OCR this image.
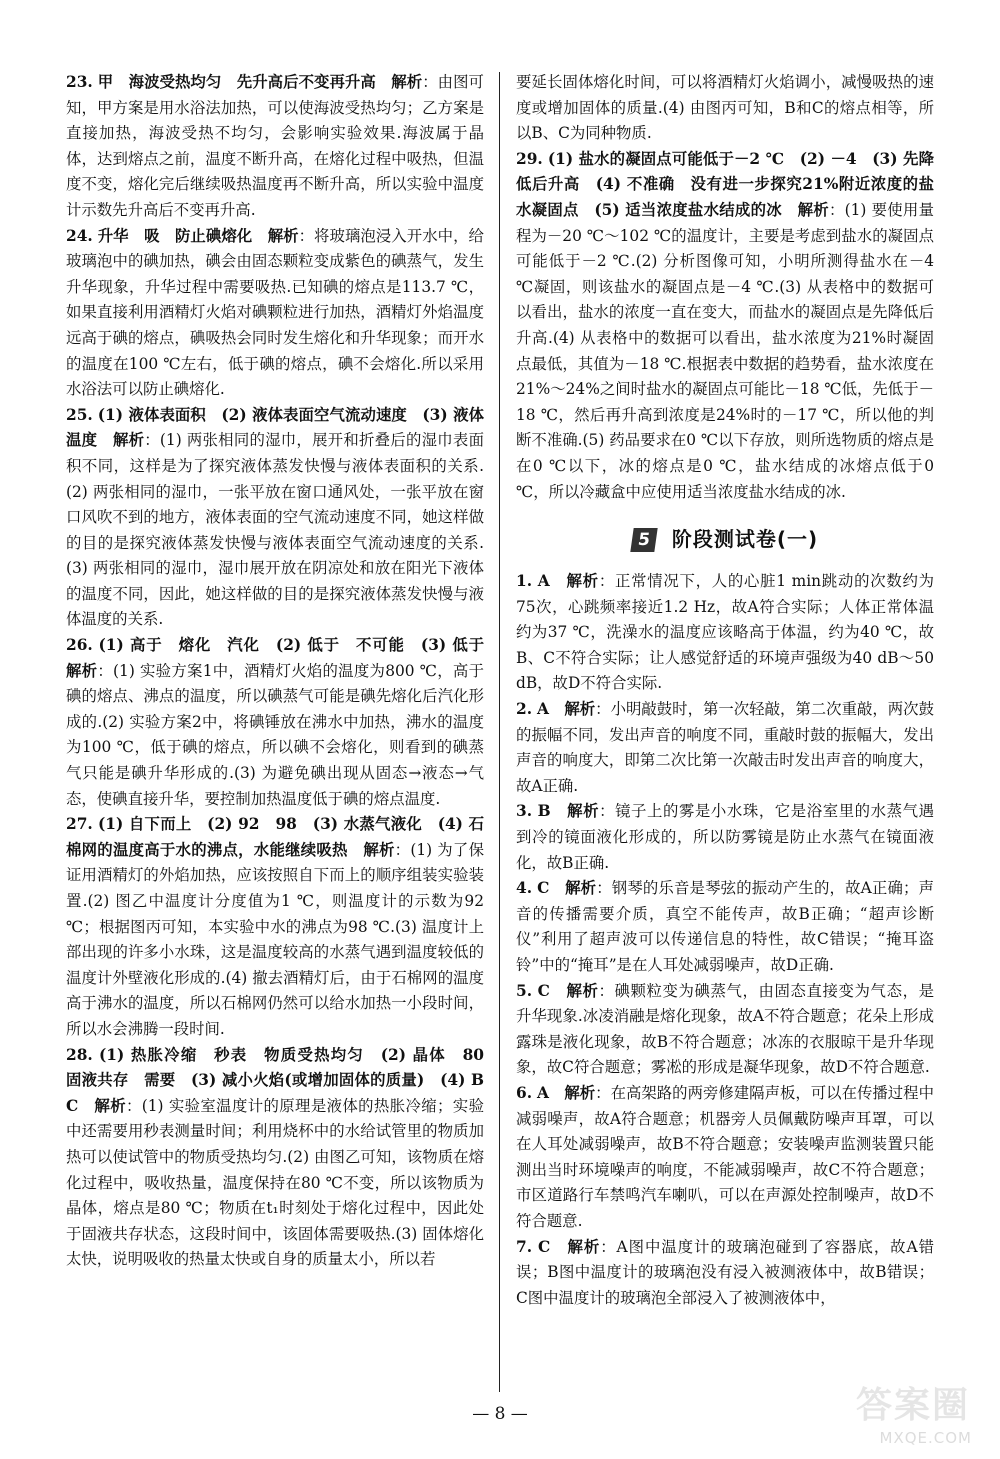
23. 甲　海波受热均匀　先升高后不变再升高　 解析：由图可知，甲方案是用水浴法加热，可以使海波受热均匀；乙方案是直接加热，海波受热不均匀，会影响实验效果.海波属于晶体，达到熔点之前，温度不断升高，在熔化过程中吸热，但温度不变，熔化完后继续吸热温度再不断升高，所以实验中温度计示数先升高后不变再升高.

24. 升华　吸　防止碘熔化　 解析：将玻璃泡浸入开水中，给玻璃泡中的碘加热，碘会由固态颗粒变成紫色的碘蒸气，发生升华现象，升华过程中需要吸热.已知碘的熔点是113.7 ℃，如果直接利用酒精灯火焰对碘颗粒进行加热，酒精灯外焰温度远高于碘的熔点，碘吸热会同时发生熔化和升华现象；而开水的温度在100 ℃左右，低于碘的熔点，碘不会熔化.所以采用水浴法可以防止碘熔化.

25. (1) 液体表面积　(2) 液体表面空气流动速度　(3) 液体温度　 解析：(1) 两张相同的湿巾，展开和折叠后的湿巾表面积不同，这样是为了探究液体蒸发快慢与液体表面积的关系.(2) 两张相同的湿巾，一张平放在窗口通风处，一张平放在窗口风吹不到的地方，液体表面的空气流动速度不同，她这样做的目的是探究液体蒸发快慢与液体表面空气流动速度的关系.(3) 两张相同的湿巾，湿巾展开放在阴凉处和放在阳光下液体的温度不同，因此，她这样做的目的是探究液体蒸发快慢与液体温度的关系.

26. (1) 高于　熔化　汽化　(2) 低于　不可能　(3) 低于　解析：(1) 实验方案1中，酒精灯火焰的温度为800 ℃，高于碘的熔点、沸点的温度，所以碘蒸气可能是碘先熔化后汽化形成的.(2) 实验方案2中，将碘锤放在沸水中加热，沸水的温度为100 ℃，低于碘的熔点，所以碘不会熔化，则看到的碘蒸气只能是碘升华形成的.(3) 为避免碘出现从固态→液态→气态，使碘直接升华，要控制加热温度低于碘的熔点温度.

27. (1) 自下而上　(2) 92　98　(3) 水蒸气液化　(4) 石棉网的温度高于水的沸点，水能继续吸热　 解析：(1) 为了保证用酒精灯的外焰加热，应该按照自下而上的顺序组装实验装置.(2) 图乙中温度计分度值为1 ℃，则温度计的示数为92 ℃；根据图丙可知，本实验中水的沸点为98 ℃.(3) 温度计上部出现的许多小水珠，这是温度较高的水蒸气遇到温度较低的温度计外壁液化形成的.(4) 撤去酒精灯后，由于石棉网的温度高于沸水的温度，所以石棉网仍然可以给水加热一小段时间，所以水会沸腾一段时间.

28. (1) 热胀冷缩　秒表　物质受热均匀　(2) 晶体　80　固液共存　需要　(3) 减小火焰(或增加固体的质量)　(4) B　C　 解析：(1) 实验室温度计的原理是液体的热胀冷缩；实验中还需要用秒表测量时间；利用烧杯中的水给试管里的物质加热可以使试管中的物质受热均匀.(2) 由图乙可知，该物质在熔化过程中，吸收热量，温度保持在80 ℃不变，所以该物质为晶体，熔点是80 ℃；物质在t₁时刻处于熔化过程中，因此处于固液共存状态，这段时间中，该固体需要吸热.(3) 固体熔化太快，说明吸收的热量太快或自身的质量太小，所以若

要延长固体熔化时间，可以将酒精灯火焰调小，减慢吸热的速度或增加固体的质量.(4) 由图丙可知，B和C的熔点相等，所以B、C为同种物质.

29. (1) 盐水的凝固点可能低于－2 ℃　(2) －4　(3) 先降低后升高　(4) 不准确　没有进一步探究21%附近浓度的盐水凝固点　(5) 适当浓度盐水结成的冰　 解析：(1) 要使用量程为－20 ℃～102 ℃的温度计，主要是考虑到盐水的凝固点可能低于－2 ℃.(2) 分析图像可知，小明所测得盐水在－4 ℃凝固，则该盐水的凝固点是－4 ℃.(3) 从表格中的数据可以看出，盐水的浓度一直在变大，而盐水的凝固点是先降低后升高.(4) 从表格中的数据可以看出，盐水浓度为21%时凝固点最低，其值为－18 ℃.根据表中数据的趋势看，盐水浓度在21%～24%之间时盐水的凝固点可能比－18 ℃低，先低于－18 ℃，然后再升高到浓度是24%时的－17 ℃，所以他的判断不准确.(5) 药品要求在0 ℃以下存放，则所选物质的熔点是在0 ℃以下，冰的熔点是0 ℃，盐水结成的冰熔点低于0 ℃，所以冷藏盒中应使用适当浓度盐水结成的冰.

5	阶段测试卷(一)

1. A　 解析：正常情况下，人的心脏1 min跳动的次数约为75次，心跳频率接近1.2 Hz，故A符合实际；人体正常体温约为37 ℃，洗澡水的温度应该略高于体温，约为40 ℃，故B、C不符合实际；让人感觉舒适的环境声强级为40 dB～50 dB，故D不符合实际.

2. A　 解析：小明敲鼓时，第一次轻敲，第二次重敲，两次鼓的振幅不同，发出声音的响度不同，重敲时鼓的振幅大，发出声音的响度大，即第二次比第一次敲击时发出声音的响度大，故A正确.

3. B　 解析：镜子上的雾是小水珠，它是浴室里的水蒸气遇到冷的镜面液化形成的，所以防雾镜是防止水蒸气在镜面液化，故B正确.

4. C　 解析：钢琴的乐音是琴弦的振动产生的，故A正确；声音的传播需要介质，真空不能传声，故B正确；“超声诊断仪”利用了超声波可以传递信息的特性，故C错误；“掩耳盗铃”中的“掩耳”是在人耳处减弱噪声，故D正确.

5. C　 解析：碘颗粒变为碘蒸气，由固态直接变为气态，是升华现象.冰凌消融是熔化现象，故A不符合题意；花朵上形成露珠是液化现象，故B不符合题意；冰冻的衣服晾干是升华现象，故C符合题意；雾凇的形成是凝华现象，故D不符合题意.

6. A　 解析：在高架路的两旁修建隔声板，可以在传播过程中减弱噪声，故A符合题意；机器旁人员佩戴防噪声耳罩，可以在人耳处减弱噪声，故B不符合题意；安装噪声监测装置只能测出当时环境噪声的响度，不能减弱噪声，故C不符合题意；市区道路行车禁鸣汽车喇叭，可以在声源处控制噪声，故D不符合题意.

7. C　 解析：A图中温度计的玻璃泡碰到了容器底，故A错误；B图中温度计的玻璃泡没有浸入被测液体中，故B错误；C图中温度计的玻璃泡全部浸入了被测液体中，

— 8 —	答案圈
MXQE.COM
